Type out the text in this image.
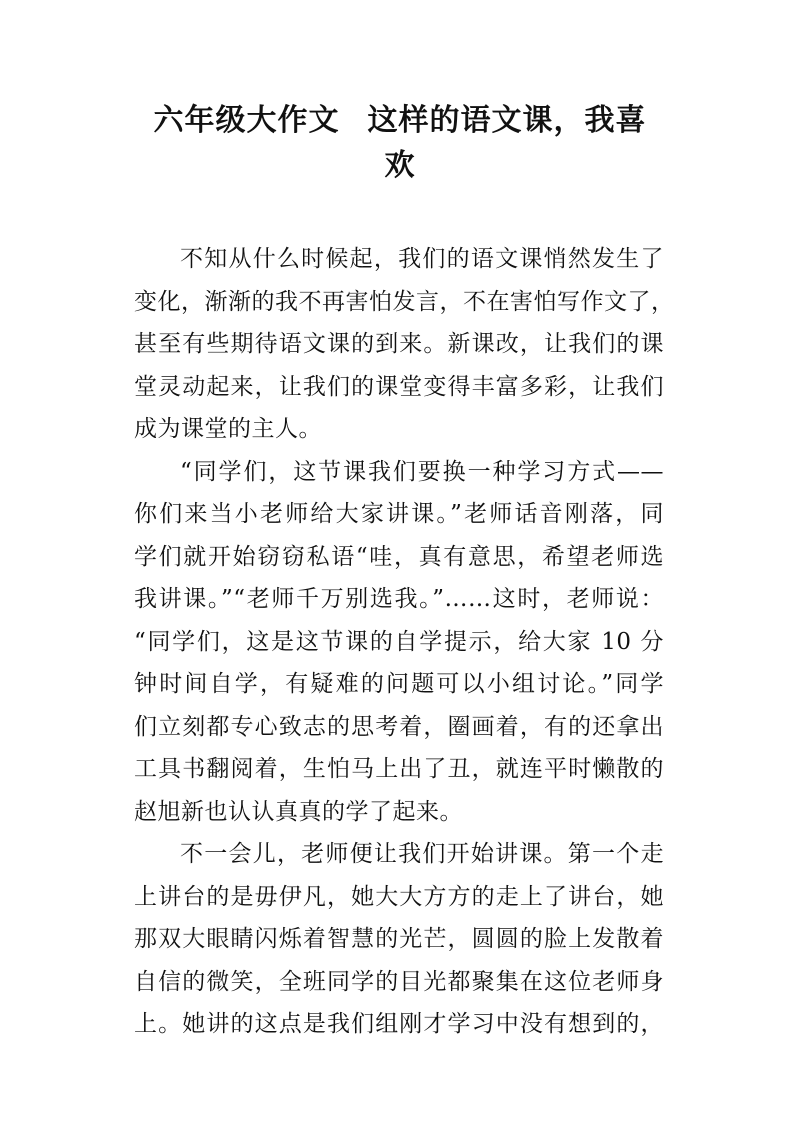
六年级大作文 这样的语文课，我喜
欢
不知从什么时候起，我们的语文课悄然发生了
变化，渐渐的我不再害怕发言，不在害怕写作文了，
甚至有些期待语文课的到来。新课改，让我们的课
堂灵动起来，让我们的课堂变得丰富多彩，让我们
成为课堂的主人。
“同学们，这节课我们要换一种学习方式——
你们来当小老师给大家讲课。”老师话音刚落，同
学们就开始窃窃私语“哇，真有意思，希望老师选
我讲课。”“老师千万别选我。”……这时，老师说：
“同学们，这是这节课的自学提示，给大家 10 分
钟时间自学，有疑难的问题可以小组讨论。”同学
们立刻都专心致志的思考着，圈画着，有的还拿出
工具书翻阅着，生怕马上出了丑，就连平时懒散的
赵旭新也认认真真的学了起来。
不一会儿，老师便让我们开始讲课。第一个走
上讲台的是毋伊凡，她大大方方的走上了讲台，她
那双大眼睛闪烁着智慧的光芒，圆圆的脸上发散着
自信的微笑，全班同学的目光都聚集在这位老师身
上。她讲的这点是我们组刚才学习中没有想到的，
